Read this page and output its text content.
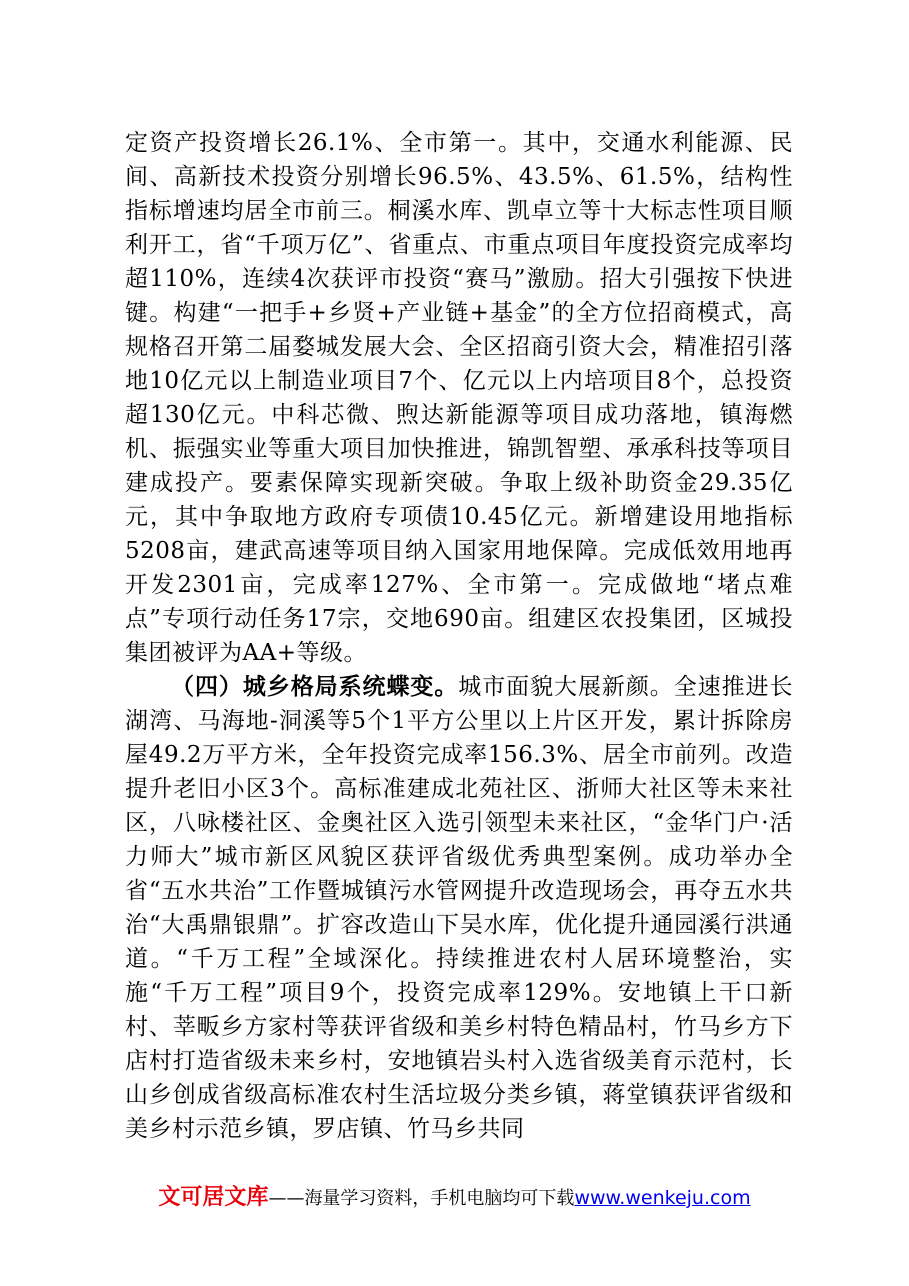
定资产投资增长26.1%、全市第一。其中，交通水利能源、民间、高新技术投资分别增长96.5%、43.5%、61.5%，结构性指标增速均居全市前三。桐溪水库、凯卓立等十大标志性项目顺利开工，省“千项万亿”、省重点、市重点项目年度投资完成率均超110%，连续4次获评市投资“赛马”激励。招大引强按下快进键。构建“一把手+乡贤+产业链+基金”的全方位招商模式，高规格召开第二届婺城发展大会、全区招商引资大会，精准招引落地10亿元以上制造业项目7个、亿元以上内培项目8个，总投资超130亿元。中科芯微、煦达新能源等项目成功落地，镇海燃机、振强实业等重大项目加快推进，锦凯智塑、承承科技等项目建成投产。要素保障实现新突破。争取上级补助资金29.35亿元，其中争取地方政府专项债10.45亿元。新增建设用地指标5208亩，建武高速等项目纳入国家用地保障。完成低效用地再开发2301亩，完成率127%、全市第一。完成做地“堵点难点”专项行动任务17宗，交地690亩。组建区农投集团，区城投集团被评为AA+等级。

（四）城乡格局系统蝶变。城市面貌大展新颜。全速推进长湖湾、马海地-洞溪等5个1平方公里以上片区开发，累计拆除房屋49.2万平方米，全年投资完成率156.3%、居全市前列。改造提升老旧小区3个。高标准建成北苑社区、浙师大社区等未来社区，八咏楼社区、金奥社区入选引领型未来社区，“金华门户·活力师大”城市新区风貌区获评省级优秀典型案例。成功举办全省“五水共治”工作暨城镇污水管网提升改造现场会，再夺五水共治“大禹鼎银鼎”。扩容改造山下吴水库，优化提升通园溪行洪通道。“千万工程”全域深化。持续推进农村人居环境整治，实施“千万工程”项目9个，投资完成率129%。安地镇上干口新村、莘畈乡方家村等获评省级和美乡村特色精品村，竹马乡方下店村打造省级未来乡村，安地镇岩头村入选省级美育示范村，长山乡创成省级高标准农村生活垃圾分类乡镇，蒋堂镇获评省级和美乡村示范乡镇，罗店镇、竹马乡共同

文可居文库——海量学习资料，手机电脑均可下载www.wenkeju.com
